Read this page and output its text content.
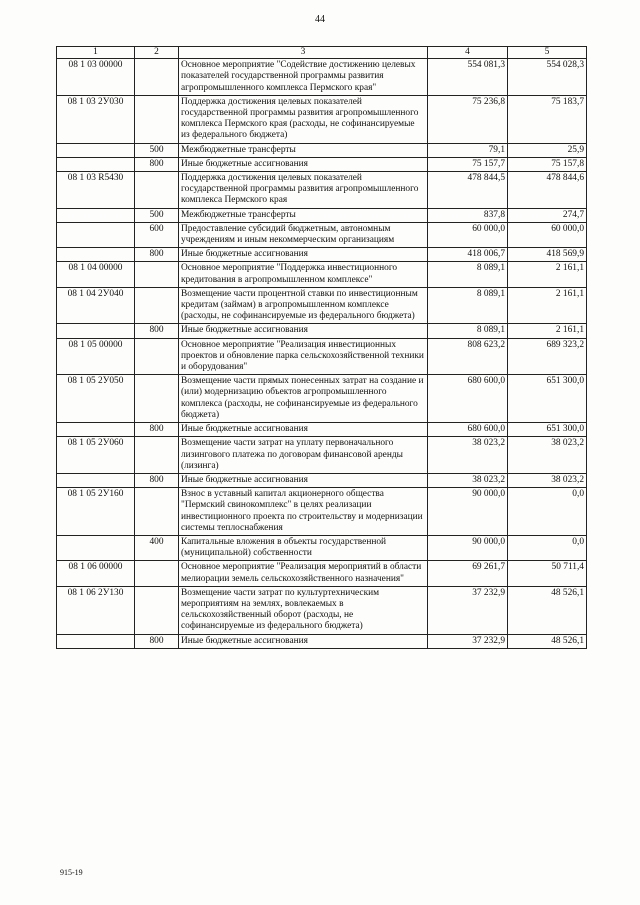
44
1	2	3	4	5
08 1 03 00000		Основное мероприятие "Содействие достижению целевых показателей государственной программы развития агропромышленного комплекса Пермского края"	554 081,3	554 028,3
08 1 03 2У030		Поддержка достижения целевых показателей государственной программы развития агропромышленного комплекса Пермского края (расходы, не софинансируемые из федерального бюджета)	75 236,8	75 183,7
	500	Межбюджетные трансферты	79,1	25,9
	800	Иные бюджетные ассигнования	75 157,7	75 157,8
08 1 03 R5430		Поддержка достижения целевых показателей государственной программы развития агропромышленного комплекса Пермского края	478 844,5	478 844,6
	500	Межбюджетные трансферты	837,8	274,7
	600	Предоставление субсидий бюджетным, автономным учреждениям и иным некоммерческим организациям	60 000,0	60 000,0
	800	Иные бюджетные ассигнования	418 006,7	418 569,9
08 1 04 00000		Основное мероприятие "Поддержка инвестиционного кредитования в агропромышленном комплексе"	8 089,1	2 161,1
08 1 04 2У040		Возмещение части процентной ставки по инвестиционным кредитам (займам) в агропромышленном комплексе (расходы, не софинансируемые из федерального бюджета)	8 089,1	2 161,1
	800	Иные бюджетные ассигнования	8 089,1	2 161,1
08 1 05 00000		Основное мероприятие "Реализация инвестиционных проектов и обновление парка сельскохозяйственной техники и оборудования"	808 623,2	689 323,2
08 1 05 2У050		Возмещение части прямых понесенных затрат на создание и (или) модернизацию объектов агропромышленного комплекса (расходы, не софинансируемые из федерального бюджета)	680 600,0	651 300,0
	800	Иные бюджетные ассигнования	680 600,0	651 300,0
08 1 05 2У060		Возмещение части затрат на уплату первоначального лизингового платежа по договорам финансовой аренды (лизинга)	38 023,2	38 023,2
	800	Иные бюджетные ассигнования	38 023,2	38 023,2
08 1 05 2У160		Взнос в уставный капитал акционерного общества "Пермский свинокомплекс" в целях реализации инвестиционного проекта по строительству и модернизации системы теплоснабжения	90 000,0	0,0
	400	Капитальные вложения в объекты государственной (муниципальной) собственности	90 000,0	0,0
08 1 06 00000		Основное мероприятие "Реализация мероприятий в области мелиорации земель сельскохозяйственного назначения"	69 261,7	50 711,4
08 1 06 2У130		Возмещение части затрат по культуртехническим мероприятиям на землях, вовлекаемых в сельскохозяйственный оборот (расходы, не софинансируемые из федерального бюджета)	37 232,9	48 526,1
	800	Иные бюджетные ассигнования	37 232,9	48 526,1
915-19
